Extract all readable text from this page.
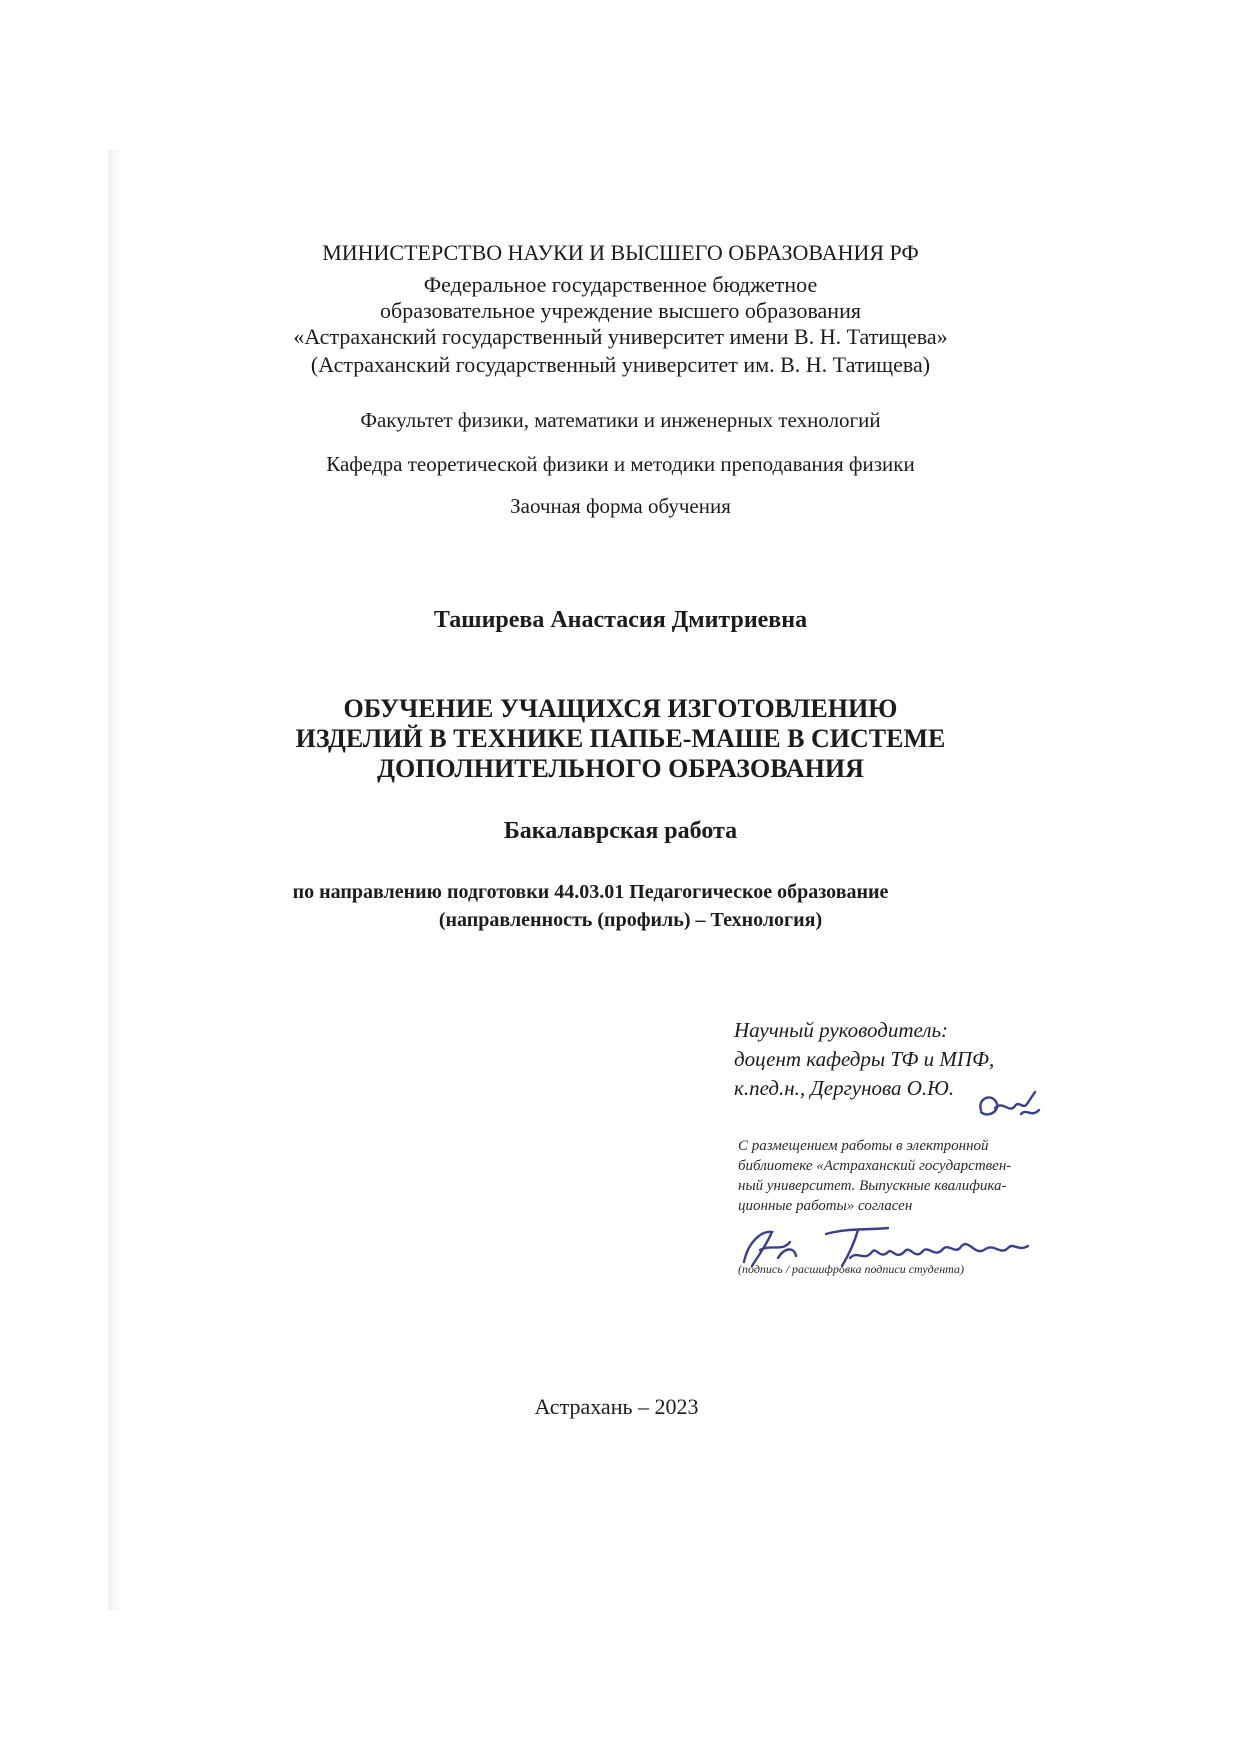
МИНИСТЕРСТВО НАУКИ И ВЫСШЕГО ОБРАЗОВАНИЯ РФ
Федеральное государственное бюджетное
образовательное учреждение высшего образования
«Астраханский государственный университет имени В. Н. Татищева»
(Астраханский государственный университет им. В. Н. Татищева)
Факультет физики, математики и инженерных технологий
Кафедра теоретической физики и методики преподавания физики
Заочная форма обучения
Таширева Анастасия Дмитриевна
ОБУЧЕНИЕ УЧАЩИХСЯ ИЗГОТОВЛЕНИЮ
ИЗДЕЛИЙ В ТЕХНИКЕ ПАПЬЕ-МАШЕ В СИСТЕМЕ
ДОПОЛНИТЕЛЬНОГО ОБРАЗОВАНИЯ
Бакалаврская работа
по направлению подготовки 44.03.01 Педагогическое образование
(направленность (профиль) – Технология)
Научный руководитель:
доцент кафедры ТФ и МПФ,
к.пед.н., Дергунова О.Ю.
С размещением работы в электронной
библиотеке «Астраханский государствен-
ный университет. Выпускные квалифика-
ционные работы» согласен
(подпись / расшифровка подписи студента)
Астрахань – 2023
